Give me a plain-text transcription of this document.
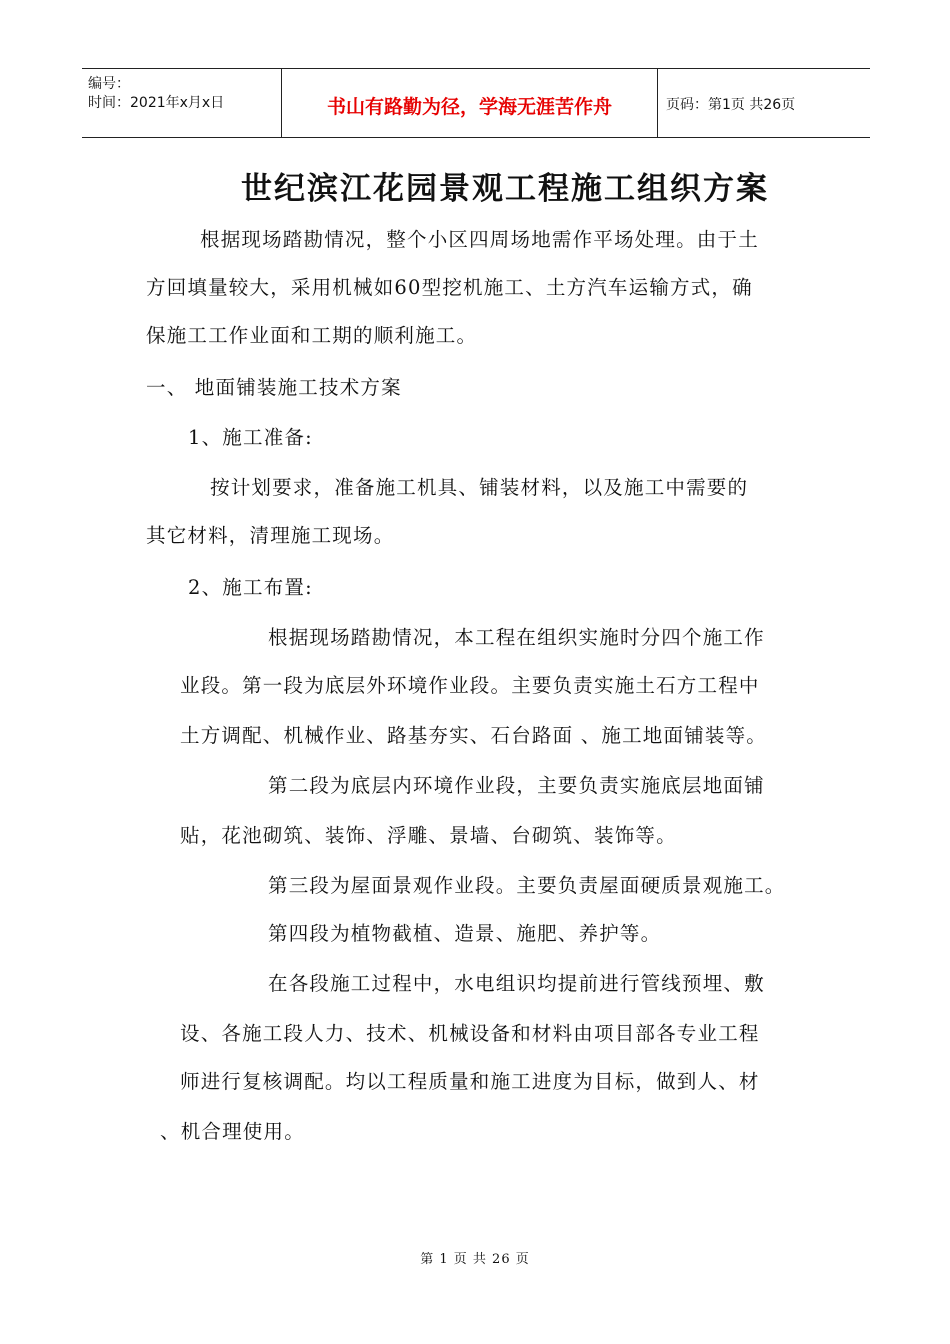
编号：
时间：2021年x月x日	书山有路勤为径，学海无涯苦作舟	页码：第1页 共26页
世纪滨江花园景观工程施工组织方案
根据现场踏勘情况，整个小区四周场地需作平场处理。由于土
方回填量较大，采用机械如60型挖机施工、土方汽车运输方式，确
保施工工作业面和工期的顺利施工。
一、 地面铺装施工技术方案
1、施工准备:
按计划要求，准备施工机具、铺装材料，以及施工中需要的
其它材料，清理施工现场。
2、施工布置:
根据现场踏勘情况，本工程在组织实施时分四个施工作
业段。第一段为底层外环境作业段。主要负责实施土石方工程中
土方调配、机械作业、路基夯实、石台路面 、施工地面铺装等。
第二段为底层内环境作业段，主要负责实施底层地面铺
贴，花池砌筑、装饰、浮雕、景墙、台砌筑、装饰等。
第三段为屋面景观作业段。主要负责屋面硬质景观施工。
第四段为植物截植、造景、施肥、养护等。
在各段施工过程中，水电组识均提前进行管线预埋、敷
设、各施工段人力、技术、机械设备和材料由项目部各专业工程
师进行复核调配。均以工程质量和施工进度为目标，做到人、材
、机合理使用。
第 1 页 共 26 页
